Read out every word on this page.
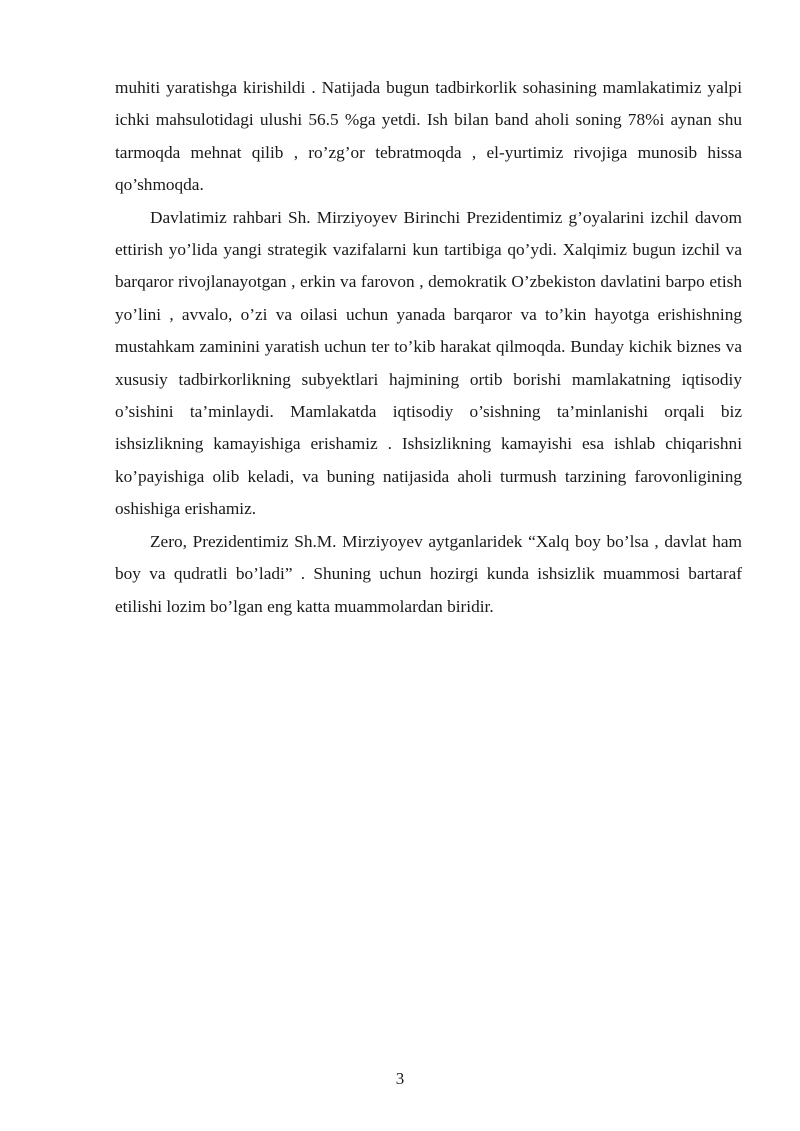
muhiti yaratishga kirishildi . Natijada bugun tadbirkorlik sohasining mamlakatimiz yalpi ichki mahsulotidagi ulushi 56.5 %ga yetdi. Ish bilan band aholi soning 78%i aynan shu tarmoqda mehnat qilib , ro’zg’or tebratmoqda , el-yurtimiz rivojiga munosib hissa qo’shmoqda.

Davlatimiz rahbari Sh. Mirziyoyev Birinchi Prezidentimiz g’oyalarini izchil davom ettirish yo’lida yangi strategik vazifalarni kun tartibiga qo’ydi. Xalqimiz bugun izchil va barqaror rivojlanayotgan , erkin va farovon , demokratik O’zbekiston davlatini barpo etish yo’lini , avvalo, o’zi va oilasi uchun yanada barqaror va to’kin hayotga erishishning mustahkam zaminini yaratish uchun ter to’kib harakat qilmoqda. Bunday kichik biznes va xususiy tadbirkorlikning subyektlari hajmining ortib borishi mamlakatning iqtisodiy o’sishini ta’minlaydi. Mamlakatda iqtisodiy o’sishning ta’minlanishi orqali biz ishsizlikning kamayishiga erishamiz . Ishsizlikning kamayishi esa ishlab chiqarishni ko’payishiga olib keladi, va buning natijasida aholi turmush tarzining farovonligining oshishiga erishamiz.

Zero, Prezidentimiz Sh.M. Mirziyoyev aytganlaridek “Xalq boy bo’lsa , davlat ham boy va qudratli bo’ladi” . Shuning uchun hozirgi kunda ishsizlik muammosi bartaraf etilishi lozim bo’lgan eng katta muammolardan biridir.

3
